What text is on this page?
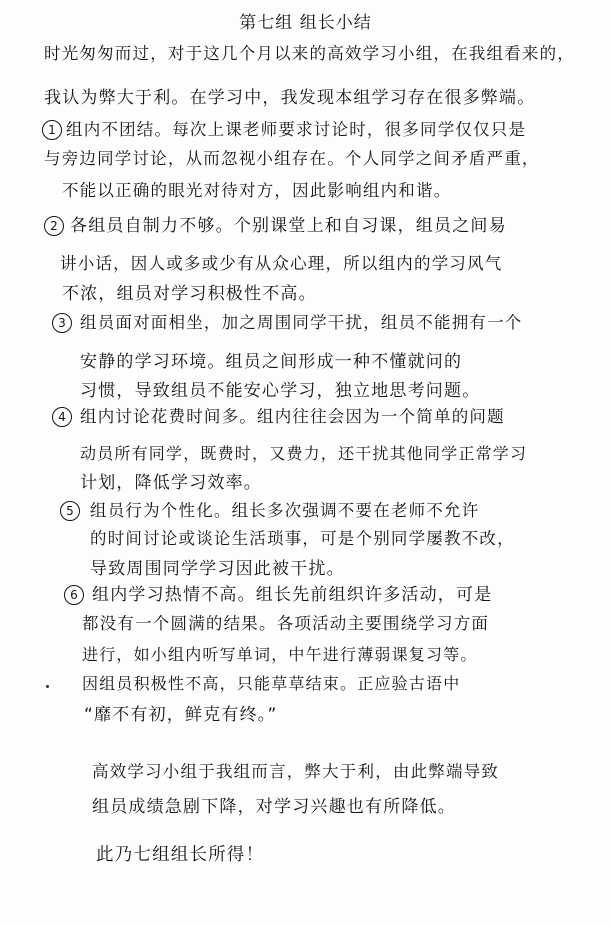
第七组 组长小结
时光匆匆而过，对于这几个月以来的高效学习小组，在我组看来的，
我认为弊大于利。在学习中，我发现本组学习存在很多弊端。
1 组内不团结。每次上课老师要求讨论时，很多同学仅仅只是
与旁边同学讨论，从而忽视小组存在。个人同学之间矛盾严重，
不能以正确的眼光对待对方，因此影响组内和谐。
2 各组员自制力不够。个别课堂上和自习课，组员之间易
讲小话，因人或多或少有从众心理，所以组内的学习风气
不浓，组员对学习积极性不高。
3 组员面对面相坐，加之周围同学干扰，组员不能拥有一个
安静的学习环境。组员之间形成一种不懂就问的
习惯，导致组员不能安心学习，独立地思考问题。
4 组内讨论花费时间多。组内往往会因为一个简单的问题
动员所有同学，既费时，又费力，还干扰其他同学正常学习
计划，降低学习效率。
5 组员行为个性化。组长多次强调不要在老师不允许
的时间讨论或谈论生活琐事，可是个别同学屡教不改，
导致周围同学学习因此被干扰。
6 组内学习热情不高。组长先前组织许多活动，可是
都没有一个圆满的结果。各项活动主要围绕学习方面
进行，如小组内听写单词，中午进行薄弱课复习等。
因组员积极性不高，只能草草结束。正应验古语中
“靡不有初，鲜克有终。”
高效学习小组于我组而言，弊大于利，由此弊端导致
组员成绩急剧下降，对学习兴趣也有所降低。
此乃七组组长所得！
